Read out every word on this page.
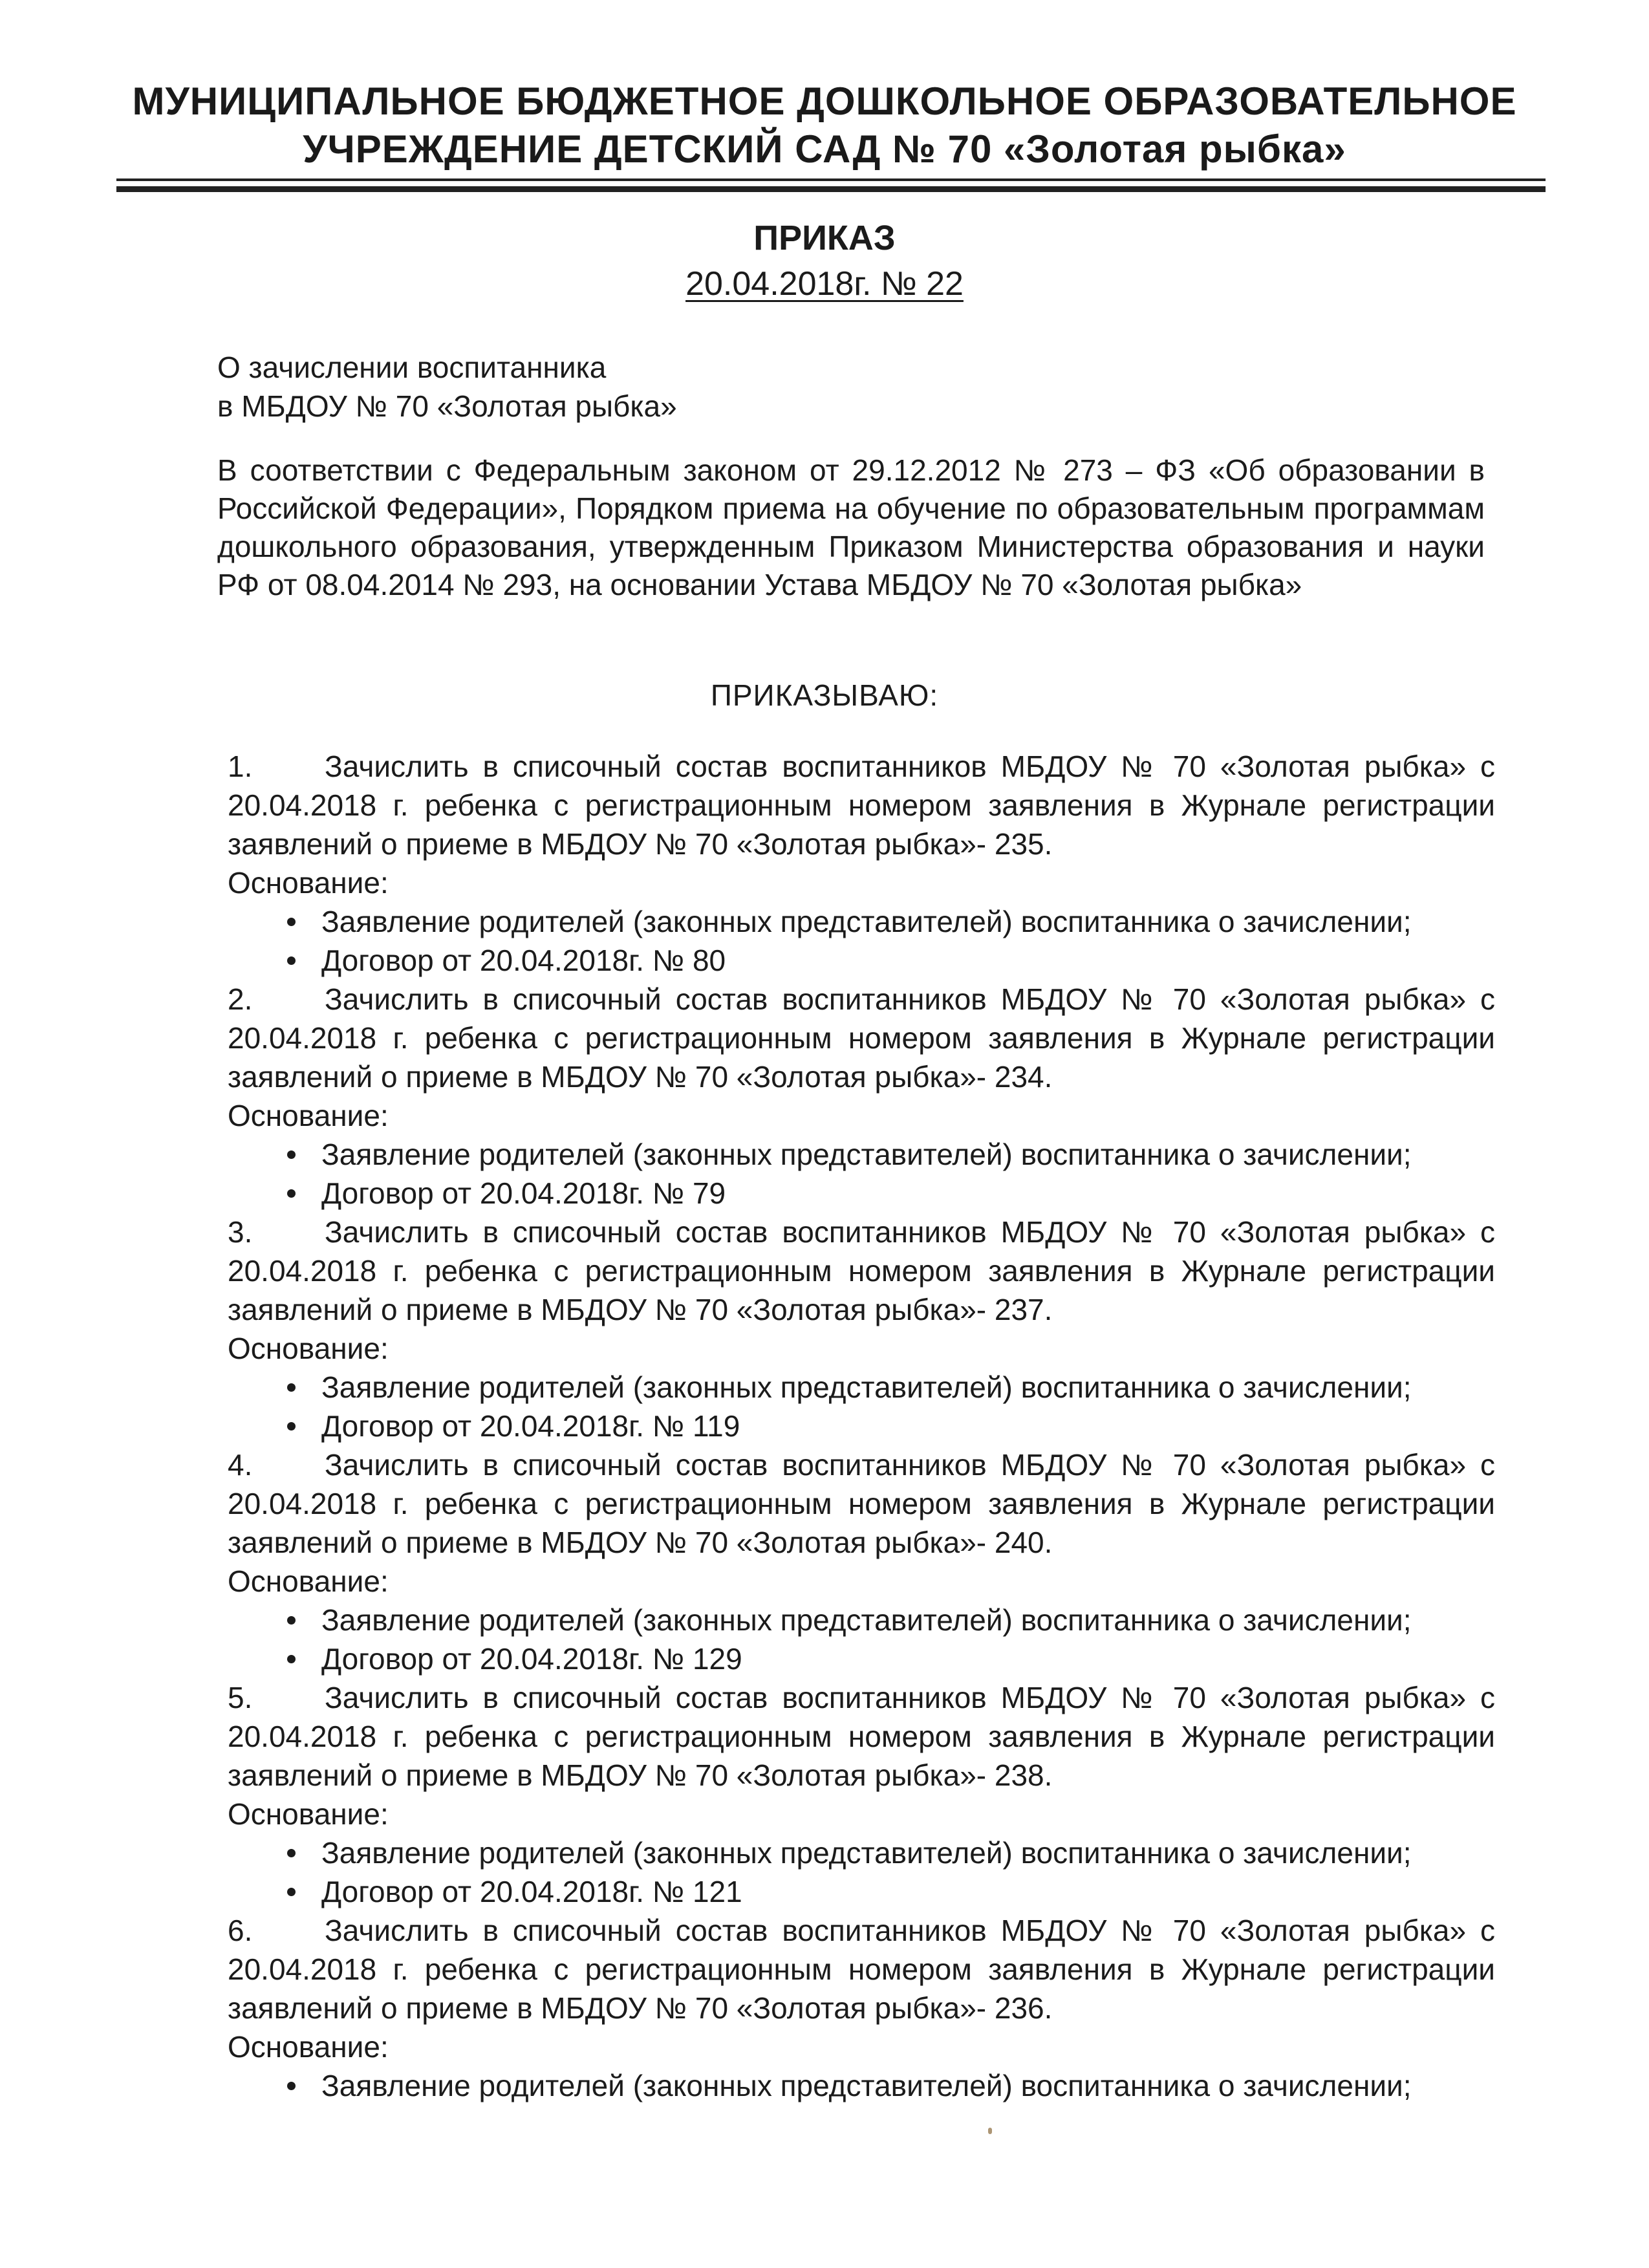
МУНИЦИПАЛЬНОЕ БЮДЖЕТНОЕ ДОШКОЛЬНОЕ ОБРАЗОВАТЕЛЬНОЕ
УЧРЕЖДЕНИЕ ДЕТСКИЙ САД № 70 «Золотая рыбка»
ПРИКАЗ
20.04.2018г. № 22
О зачислении воспитанника
в МБДОУ № 70 «Золотая рыбка»
В соответствии с Федеральным законом от 29.12.2012 № 273 – ФЗ «Об образовании в Российской Федерации», Порядком приема на обучение по образовательным программам дошкольного образования, утвержденным Приказом Министерства образования и науки РФ от 08.04.2014 № 293, на основании Устава МБДОУ № 70 «Золотая рыбка»
ПРИКАЗЫВАЮ:
1. Зачислить в списочный состав воспитанников МБДОУ № 70 «Золотая рыбка» с 20.04.2018 г. ребенка с регистрационным номером заявления в Журнале регистрации заявлений о приеме в МБДОУ № 70 «Золотая рыбка»- 235.
Основание:
Заявление родителей (законных представителей) воспитанника о зачислении;
Договор от 20.04.2018г. № 80
2. Зачислить в списочный состав воспитанников МБДОУ № 70 «Золотая рыбка» с 20.04.2018 г. ребенка с регистрационным номером заявления в Журнале регистрации заявлений о приеме в МБДОУ № 70 «Золотая рыбка»- 234.
Основание:
Заявление родителей (законных представителей) воспитанника о зачислении;
Договор от 20.04.2018г. № 79
3. Зачислить в списочный состав воспитанников МБДОУ № 70 «Золотая рыбка» с 20.04.2018 г. ребенка с регистрационным номером заявления в Журнале регистрации заявлений о приеме в МБДОУ № 70 «Золотая рыбка»- 237.
Основание:
Заявление родителей (законных представителей) воспитанника о зачислении;
Договор от 20.04.2018г. № 119
4. Зачислить в списочный состав воспитанников МБДОУ № 70 «Золотая рыбка» с 20.04.2018 г. ребенка с регистрационным номером заявления в Журнале регистрации заявлений о приеме в МБДОУ № 70 «Золотая рыбка»- 240.
Основание:
Заявление родителей (законных представителей) воспитанника о зачислении;
Договор от 20.04.2018г. № 129
5. Зачислить в списочный состав воспитанников МБДОУ № 70 «Золотая рыбка» с 20.04.2018 г. ребенка с регистрационным номером заявления в Журнале регистрации заявлений о приеме в МБДОУ № 70 «Золотая рыбка»- 238.
Основание:
Заявление родителей (законных представителей) воспитанника о зачислении;
Договор от 20.04.2018г. № 121
6. Зачислить в списочный состав воспитанников МБДОУ № 70 «Золотая рыбка» с 20.04.2018 г. ребенка с регистрационным номером заявления в Журнале регистрации заявлений о приеме в МБДОУ № 70 «Золотая рыбка»- 236.
Основание:
Заявление родителей (законных представителей) воспитанника о зачислении;
